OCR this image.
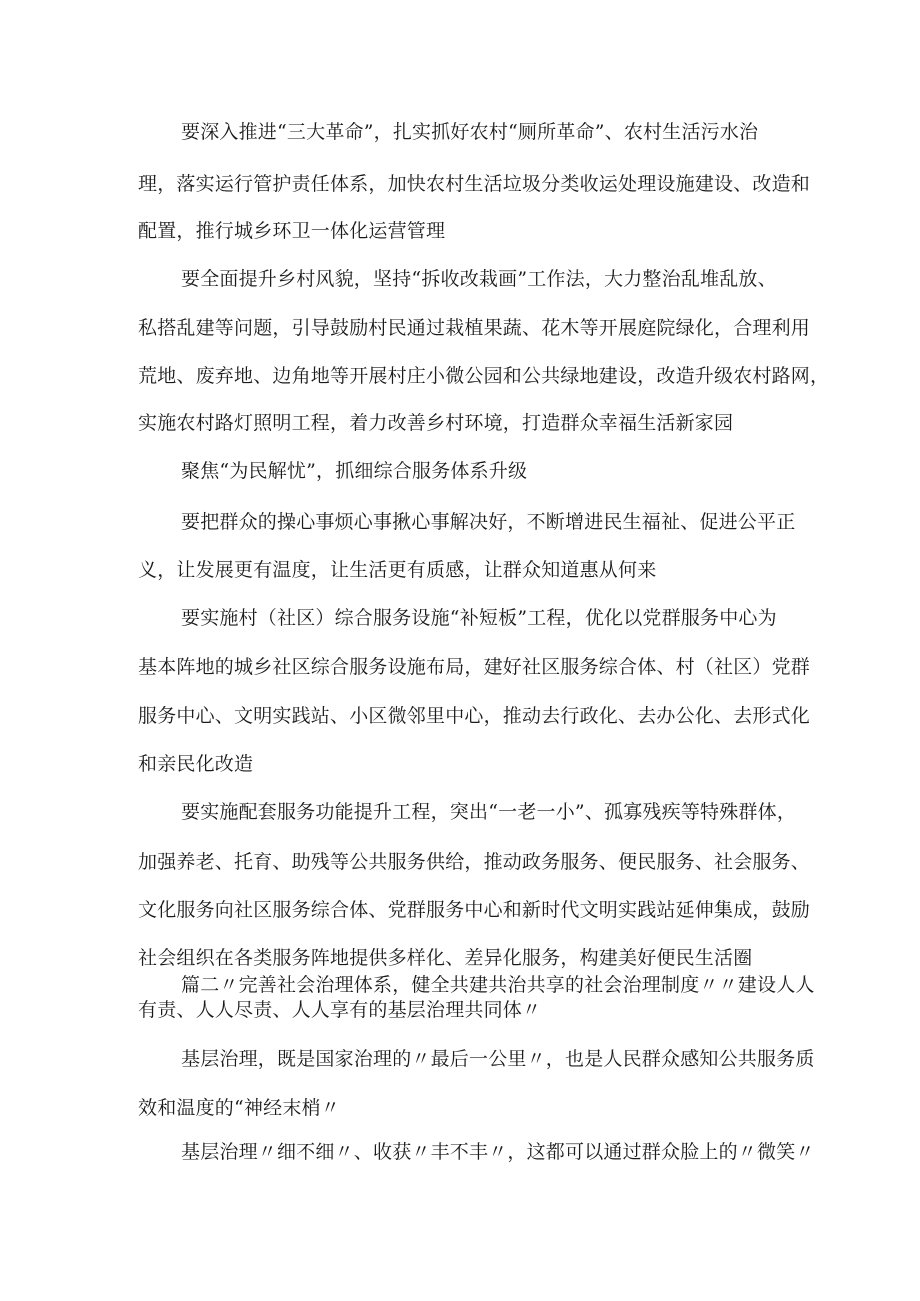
要深入推进“三大革命”，扎实抓好农村“厕所革命”、农村生活污水治
理，落实运行管护责任体系，加快农村生活垃圾分类收运处理设施建设、改造和
配置，推行城乡环卫一体化运营管理
要全面提升乡村风貌，坚持“拆收改栽画”工作法，大力整治乱堆乱放、
私搭乱建等问题，引导鼓励村民通过栽植果蔬、花木等开展庭院绿化，合理利用
荒地、废弃地、边角地等开展村庄小微公园和公共绿地建设，改造升级农村路网，
实施农村路灯照明工程，着力改善乡村环境，打造群众幸福生活新家园
聚焦“为民解忧”，抓细综合服务体系升级
要把群众的操心事烦心事揪心事解决好，不断增进民生福祉、促进公平正
义，让发展更有温度，让生活更有质感，让群众知道惠从何来
要实施村（社区）综合服务设施“补短板”工程，优化以党群服务中心为
基本阵地的城乡社区综合服务设施布局，建好社区服务综合体、村（社区）党群
服务中心、文明实践站、小区微邻里中心，推动去行政化、去办公化、去形式化
和亲民化改造
要实施配套服务功能提升工程，突出“一老一小”、孤寡残疾等特殊群体，
加强养老、托育、助残等公共服务供给，推动政务服务、便民服务、社会服务、
文化服务向社区服务综合体、党群服务中心和新时代文明实践站延伸集成，鼓励
社会组织在各类服务阵地提供多样化、差异化服务，构建美好便民生活圈
篇二〃完善社会治理体系，健全共建共治共享的社会治理制度〃〃建设人人
有责、人人尽责、人人享有的基层治理共同体〃
基层治理，既是国家治理的〃最后一公里〃，也是人民群众感知公共服务质
效和温度的“神经末梢〃
基层治理〃细不细〃、收获〃丰不丰〃，这都可以通过群众脸上的〃微笑〃
